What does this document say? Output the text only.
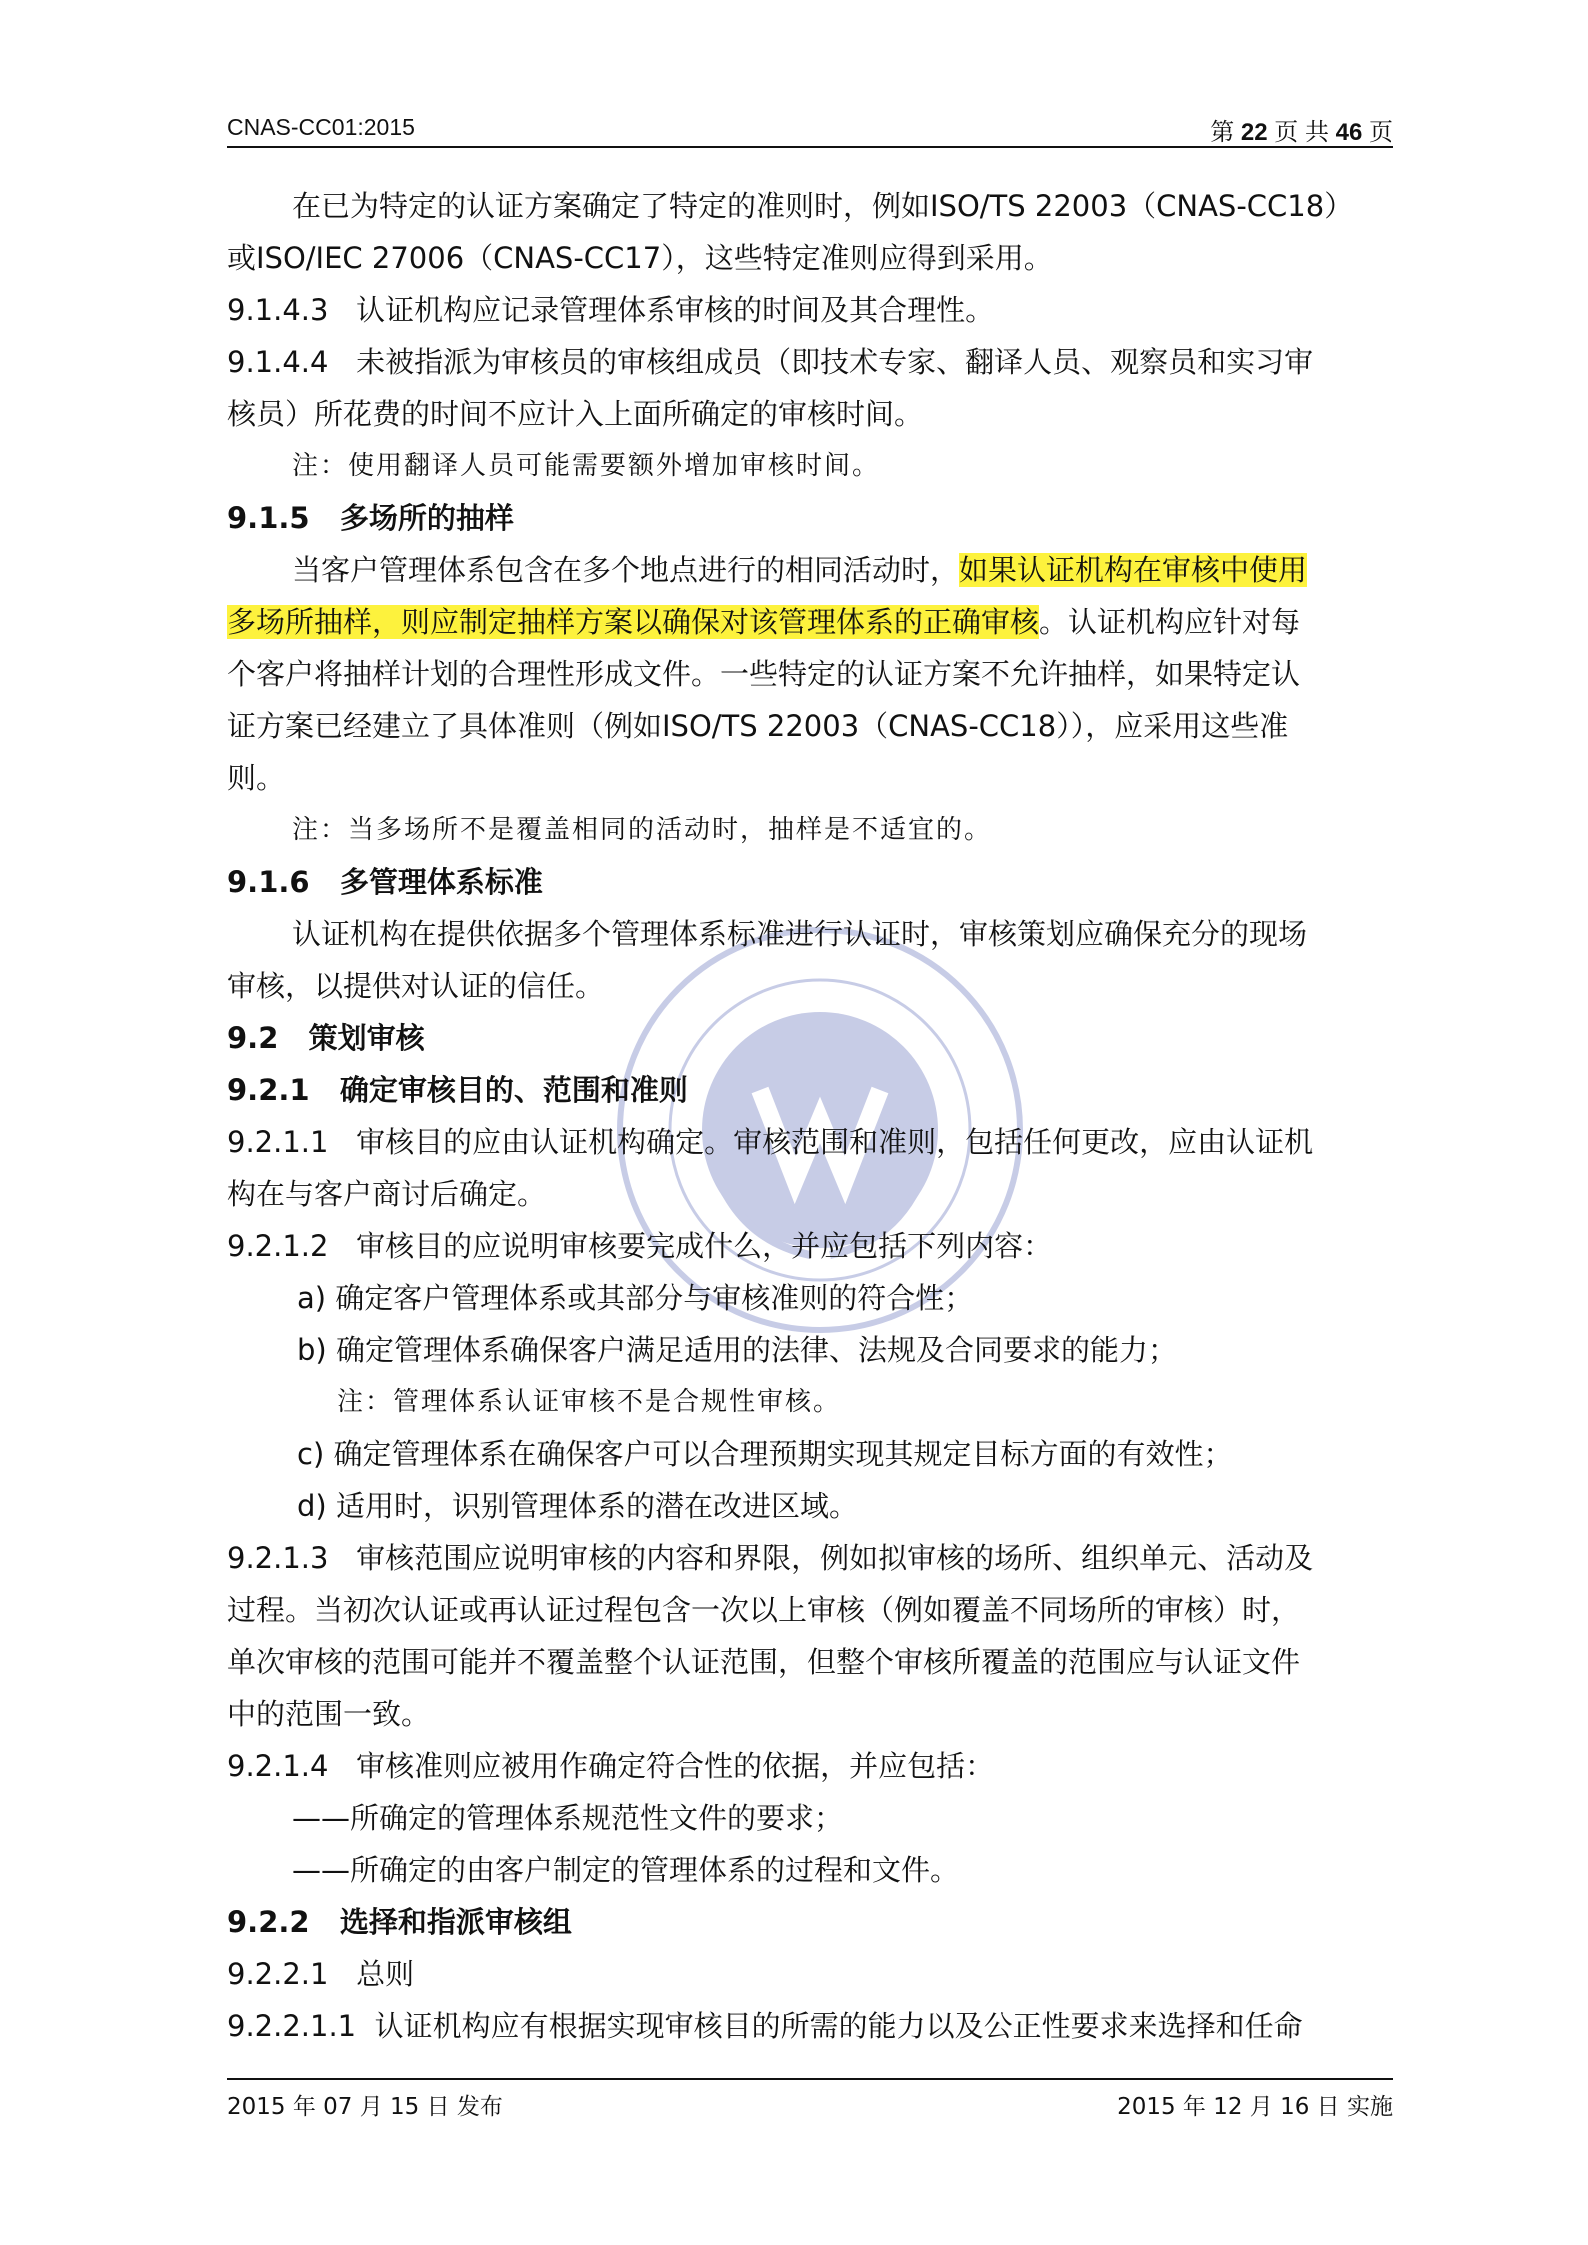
CNAS-CC01:2015	第 22 页 共 46 页
在已为特定的认证方案确定了特定的准则时，例如ISO/TS 22003（CNAS-CC18）
或ISO/IEC 27006（CNAS-CC17），这些特定准则应得到采用。
9.1.4.3   认证机构应记录管理体系审核的时间及其合理性。
9.1.4.4   未被指派为审核员的审核组成员（即技术专家、翻译人员、观察员和实习审
核员）所花费的时间不应计入上面所确定的审核时间。
注：使用翻译人员可能需要额外增加审核时间。
9.1.5   多场所的抽样
当客户管理体系包含在多个地点进行的相同活动时，如果认证机构在审核中使用
多场所抽样，则应制定抽样方案以确保对该管理体系的正确审核。认证机构应针对每
个客户将抽样计划的合理性形成文件。一些特定的认证方案不允许抽样，如果特定认
证方案已经建立了具体准则（例如ISO/TS 22003（CNAS-CC18）），应采用这些准
则。
注：当多场所不是覆盖相同的活动时，抽样是不适宜的。
9.1.6   多管理体系标准
认证机构在提供依据多个管理体系标准进行认证时，审核策划应确保充分的现场
审核，以提供对认证的信任。
9.2   策划审核
9.2.1   确定审核目的、范围和准则
9.2.1.1   审核目的应由认证机构确定。审核范围和准则，包括任何更改，应由认证机
构在与客户商讨后确定。
9.2.1.2   审核目的应说明审核要完成什么，并应包括下列内容：
a) 确定客户管理体系或其部分与审核准则的符合性；
b) 确定管理体系确保客户满足适用的法律、法规及合同要求的能力；
注：管理体系认证审核不是合规性审核。
c) 确定管理体系在确保客户可以合理预期实现其规定目标方面的有效性；
d) 适用时，识别管理体系的潜在改进区域。
9.2.1.3   审核范围应说明审核的内容和界限，例如拟审核的场所、组织单元、活动及
过程。当初次认证或再认证过程包含一次以上审核（例如覆盖不同场所的审核）时，
单次审核的范围可能并不覆盖整个认证范围，但整个审核所覆盖的范围应与认证文件
中的范围一致。
9.2.1.4   审核准则应被用作确定符合性的依据，并应包括：
——所确定的管理体系规范性文件的要求；
——所确定的由客户制定的管理体系的过程和文件。
9.2.2   选择和指派审核组
9.2.2.1   总则
9.2.2.1.1  认证机构应有根据实现审核目的所需的能力以及公正性要求来选择和任命
2015 年 07 月 15 日 发布	2015 年 12 月 16 日 实施
